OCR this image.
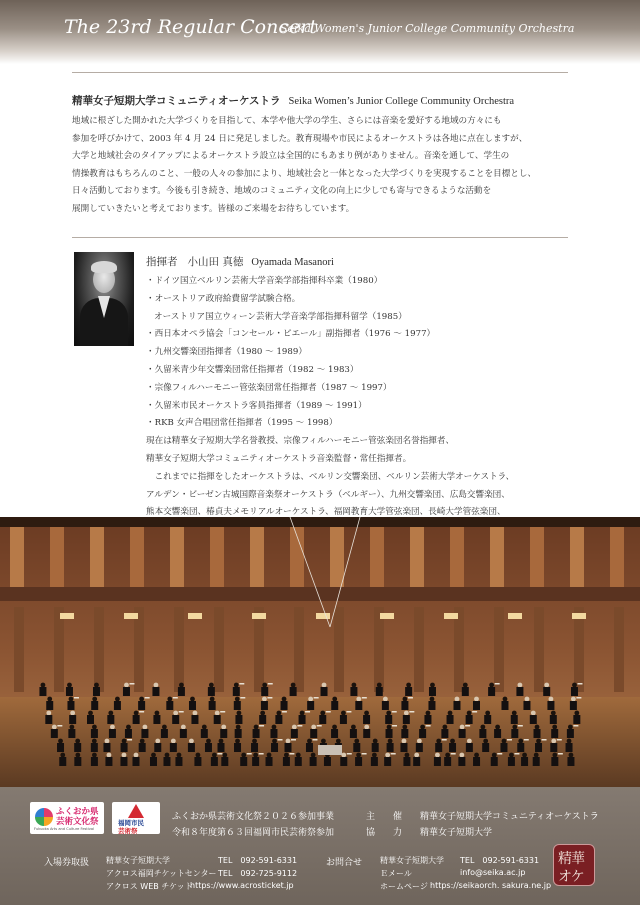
The 23rd Regular Concert
Seika Women's Junior College Community Orchestra
精華女子短期大学コミュニティオーケストラ Seika Women’s Junior College Community Orchestra

地域に根ざした開かれた大学づくりを目指して、本学や他大学の学生、さらには音楽を愛好する地域の方々にも

参加を呼びかけて、2003 年 4 月 24 日に発足しました。教育現場や市民によるオーケストラは各地に点在しますが、

大学と地域社会のタイアップによるオーケストラ設立は全国的にもあまり例がありません。音楽を通して、学生の

情操教育はもちろんのこと、一般の人々の参加により、地域社会と一体となった大学づくりを実現することを目標とし、

日々活動しております。今後も引き続き、地域のコミュニティ文化の向上に少しでも寄与できるような活動を

展開していきたいと考えております。皆様のご来場をお待ちしています。

指揮者 小山田 真徳 Oyamada Masanori
・ドイツ国立ベルリン芸術大学音楽学部指揮科卒業（1980）
・オーストリア政府給費留学試験合格。
オーストリア国立ウィーン芸術大学音楽学部指揮科留学（1985）
・西日本オペラ協会「コンセール・ピエール」副指揮者（1976 ～ 1977）
・九州交響楽団指揮者（1980 ～ 1989）
・久留米青少年交響楽団常任指揮者（1982 ～ 1983）
・宗像フィルハーモニー管弦楽団常任指揮者（1987 ～ 1997）
・久留米市民オーケストラ客員指揮者（1989 ～ 1991）
・RKB 女声合唱団常任指揮者（1995 ～ 1998）
現在は精華女子短期大学名誉教授、宗像フィルハーモニー管弦楽団名誉指揮者、
精華女子短期大学コミュニティオーケストラ音楽監督・常任指揮者。
　これまでに指揮をしたオーケストラは、ベルリン交響楽団、ベルリン芸術大学オーケストラ、
アルデン・ビーゼン古城国際音楽祭オーケストラ（ベルギー）、九州交響楽団、広島交響楽団、
熊本交響楽団、椿貞夫メモリアルオーケストラ、福岡教育大学管弦楽団、長崎大学管弦楽団、
ふくおか県
芸術文化祭
Fukuoka Arts and Culture Festival
福岡市民
芸術祭
ふくおか県芸術文化祭２０２６参加事業
令和８年度第６３回福岡市民芸術祭参加
主　　催 精華女子短期大学コミュニティオーケストラ
協　　力 精華女子短期大学
入場券取扱 精華女子短期大学	TEL　092-591-6331
アクロス福岡チケットセンター TEL　092-725-9112
アクロス WEB チケット
https://www.acrosticket.jp
お問合せ 精華女子短期大学 TEL　092-591-6331
Ｅメール	info@seika.ac.jp
ホームページ https://seikaorch. sakura.ne.jp
精華
オケ
